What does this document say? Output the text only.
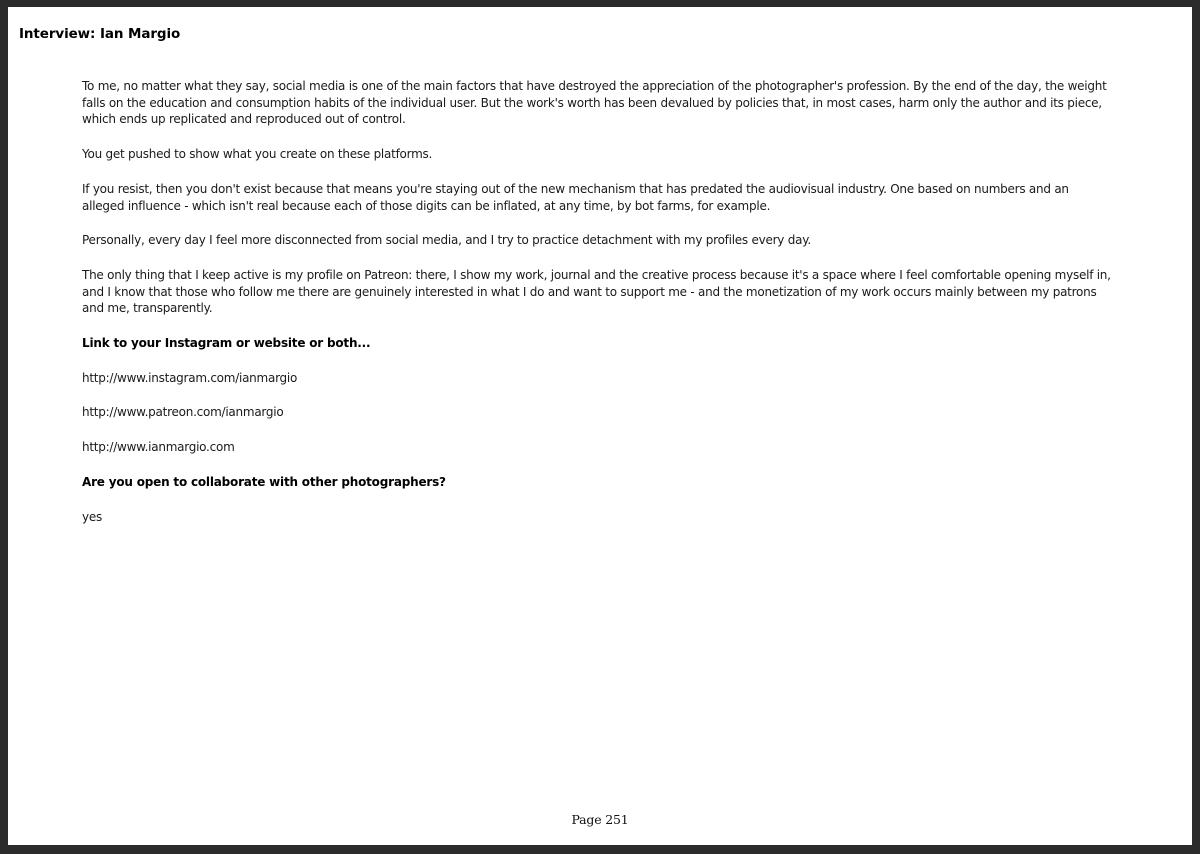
Interview: Ian Margio

To me, no matter what they say, social media is one of the main factors that have destroyed the appreciation of the photographer's profession. By the end of the day, the weight falls on the education and consumption habits of the individual user. But the work's worth has been devalued by policies that, in most cases, harm only the author and its piece, which ends up replicated and reproduced out of control.

You get pushed to show what you create on these platforms.

If you resist, then you don't exist because that means you're staying out of the new mechanism that has predated the audiovisual industry. One based on numbers and an alleged influence - which isn't real because each of those digits can be inflated, at any time, by bot farms, for example.

Personally, every day I feel more disconnected from social media, and I try to practice detachment with my profiles every day.

The only thing that I keep active is my profile on Patreon: there, I show my work, journal and the creative process because it's a space where I feel comfortable opening myself in, and I know that those who follow me there are genuinely interested in what I do and want to support me - and the monetization of my work occurs mainly between my patrons and me, transparently.

Link to your Instagram or website or both...

http://www.instagram.com/ianmargio

http://www.patreon.com/ianmargio

http://www.ianmargio.com

Are you open to collaborate with other photographers?

yes

Page 251
